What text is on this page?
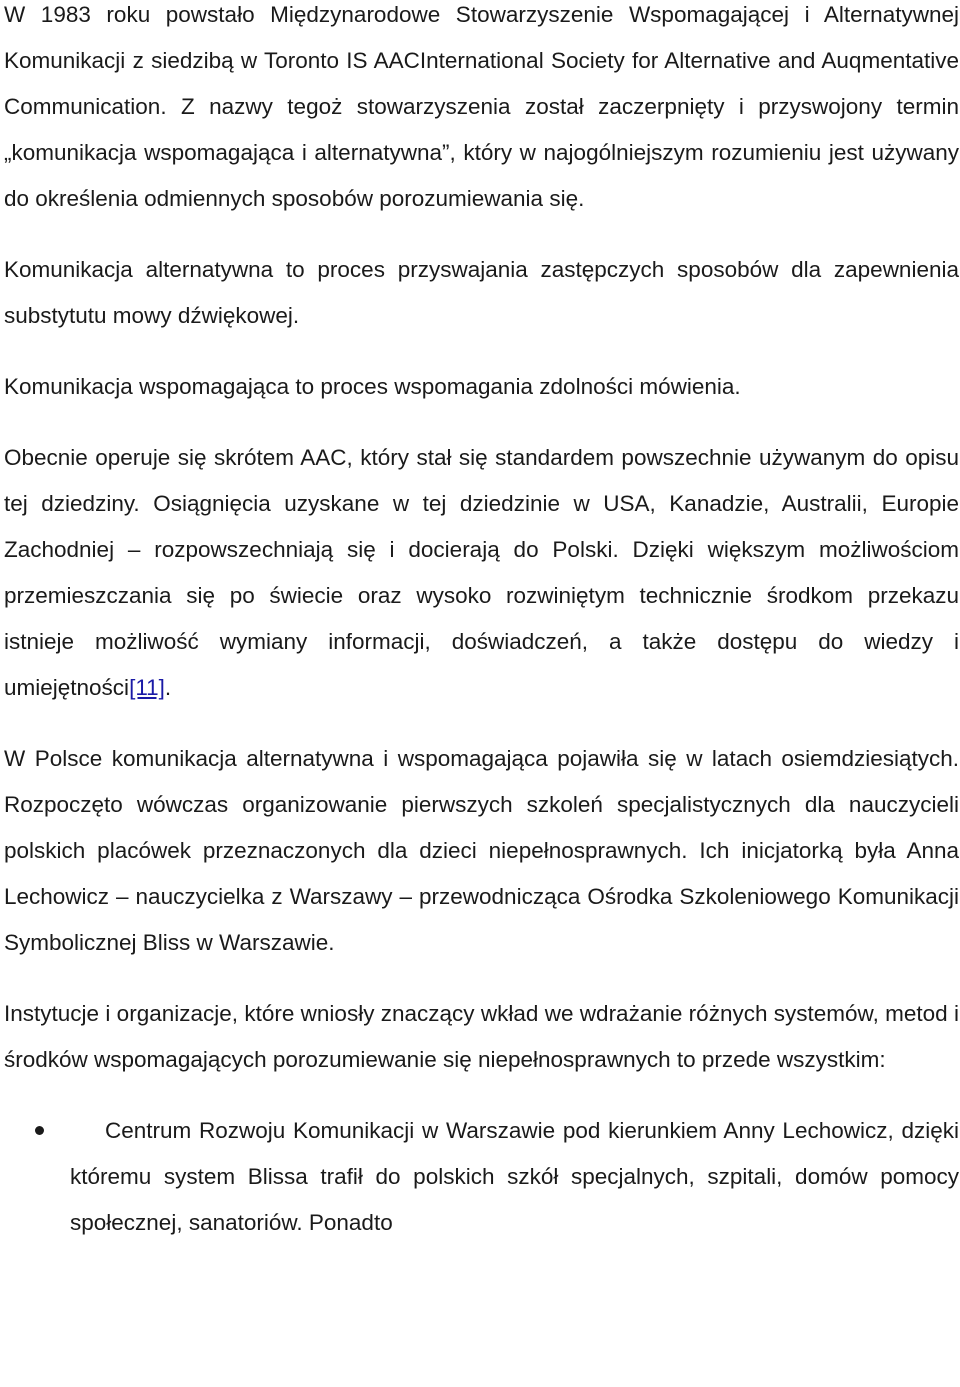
W 1983 roku powstało Międzynarodowe Stowarzyszenie Wspomagającej i Alternatywnej Komunikacji z siedzibą w Toronto IS AACInternational Society for Alternative and Auqmentative Communication. Z nazwy tegoż stowarzyszenia został zaczerpnięty i przyswojony termin „komunikacja wspomagająca i alternatywna”, który w najogólniejszym rozumieniu jest używany do określenia odmiennych sposobów porozumiewania się.

Komunikacja alternatywna to proces przyswajania zastępczych sposobów dla zapewnienia substytutu mowy dźwiękowej.

Komunikacja wspomagająca to proces wspomagania zdolności mówienia.

Obecnie operuje się skrótem AAC, który stał się standardem powszechnie używanym do opisu tej dziedziny. Osiągnięcia uzyskane w tej dziedzinie w USA, Kanadzie, Australii, Europie Zachodniej – rozpowszechniają się i docierają do Polski. Dzięki większym możliwościom przemieszczania się po świecie oraz wysoko rozwiniętym technicznie środkom przekazu istnieje możliwość wymiany informacji, doświadczeń, a także dostępu do wiedzy i umiejętności[11].

W Polsce komunikacja alternatywna i wspomagająca pojawiła się w latach osiemdziesiątych. Rozpoczęto wówczas organizowanie pierwszych szkoleń specjalistycznych dla nauczycieli polskich placówek przeznaczonych dla dzieci niepełnosprawnych. Ich inicjatorką była Anna Lechowicz – nauczycielka z Warszawy – przewodnicząca Ośrodka Szkoleniowego Komunikacji Symbolicznej Bliss w Warszawie.

Instytucje i organizacje, które wniosły znaczący wkład we wdrażanie różnych systemów, metod i środków wspomagających porozumiewanie się niepełnosprawnych to przede wszystkim:

Centrum Rozwoju Komunikacji w Warszawie pod kierunkiem Anny Lechowicz, dzięki któremu system Blissa trafił do polskich szkół specjalnych, szpitali, domów pomocy społecznej, sanatoriów. Ponadto
